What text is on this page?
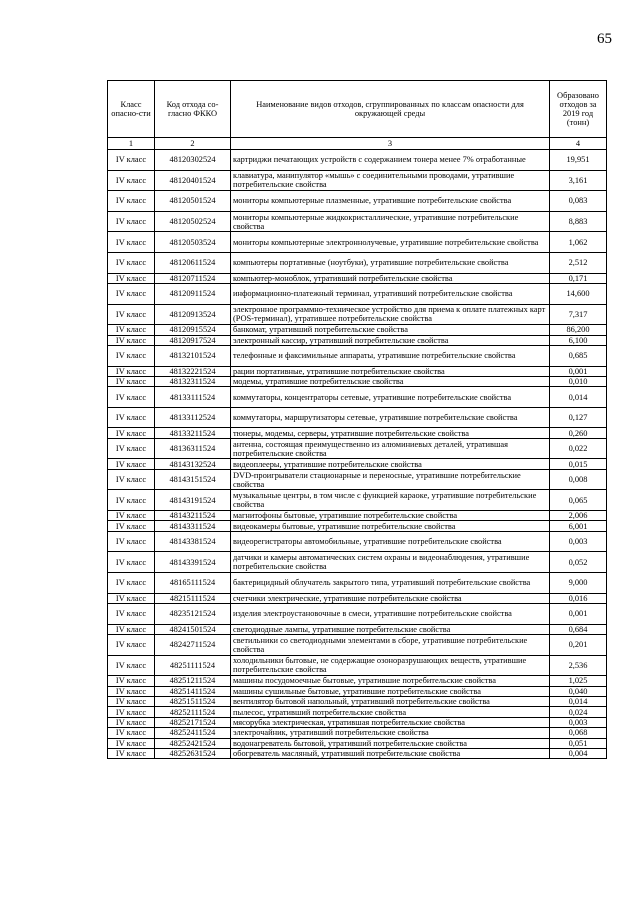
65
Класс опасно-сти	Код отхода со-гласно ФККО	Наименование видов отходов, сгруппированных по классам опасности для окружающей среды	Образовано отходов за 2019 год (тонн)
1	2	3	4
IV класс	48120302524	картриджи печатающих устройств с содержанием тонера менее 7% отработанные	19,951
IV класс	48120401524	клавиатура, манипулятор «мышь» с соединительными проводами, утратившие потребительские свойства	3,161
IV класс	48120501524	мониторы компьютерные плазменные, утратившие потребительские свойства	0,083
IV класс	48120502524	мониторы компьютерные жидкокристаллические, утратившие потребительские свойства	8,883
IV класс	48120503524	мониторы компьютерные электроннолучевые, утратившие потребительские свойства	1,062
IV класс	48120611524	компьютеры портативные (ноутбуки), утратившие потребительские свойства	2,512
IV класс	48120711524	компьютер-моноблок, утративший потребительские свойства	0,171
IV класс	48120911524	информационно-платежный терминал, утративший потребительские свойства	14,600
IV класс	48120913524	электронное программно-техническое устройство для приема к оплате платежных карт (POS-терминал), утратившее потребительские свойства	7,317
IV класс	48120915524	банкомат, утративший потребительские свойства	86,200
IV класс	48120917524	электронный кассир, утративший потребительские свойства	6,100
IV класс	48132101524	телефонные и факсимильные аппараты, утратившие потребительские свойства	0,685
IV класс	48132221524	рации портативные, утратившие потребительские свойства	0,001
IV класс	48132311524	модемы, утратившие потребительские свойства	0,010
IV класс	48133111524	коммутаторы, концентраторы сетевые, утратившие потребительские свойства	0,014
IV класс	48133112524	коммутаторы, маршрутизаторы сетевые, утратившие потребительские свойства	0,127
IV класс	48133211524	тюнеры, модемы, серверы, утратившие потребительские свойства	0,260
IV класс	48136311524	антенна, состоящая преимущественно из алюминиевых деталей, утратившая потребительские свойства	0,022
IV класс	48143132524	видеоплееры, утратившие потребительские свойства	0,015
IV класс	48143151524	DVD-проигрыватели стационарные и переносные, утратившие потребительские свойства	0,008
IV класс	48143191524	музыкальные центры, в том числе с функцией караоке, утратившие потребительские свойства	0,065
IV класс	48143211524	магнитофоны бытовые, утратившие потребительские свойства	2,006
IV класс	48143311524	видеокамеры бытовые, утратившие потребительские свойства	6,001
IV класс	48143381524	видеорегистраторы автомобильные, утратившие потребительские свойства	0,003
IV класс	48143391524	датчики и камеры автоматических систем охраны и видеонаблюдения, утратившие потребительские свойства	0,052
IV класс	48165111524	бактерицидный облучатель закрытого типа, утративший потребительские свойства	9,000
IV класс	48215111524	счетчики электрические, утратившие потребительские свойства	0,016
IV класс	48235121524	изделия электроустановочные в смеси, утратившие потребительские свойства	0,001
IV класс	48241501524	светодиодные лампы, утратившие потребительские свойства	0,684
IV класс	48242711524	светильники со светодиодными элементами в сборе, утратившие потребительские свойства	0,201
IV класс	48251111524	холодильники бытовые, не содержащие озоноразрушающих веществ, утратившие потребительские свойства	2,536
IV класс	48251211524	машины посудомоечные бытовые, утратившие потребительские свойства	1,025
IV класс	48251411524	машины сушильные бытовые, утратившие потребительские свойства	0,040
IV класс	48251511524	вентилятор бытовой напольный, утративший потребительские свойства	0,014
IV класс	48252111524	пылесос, утративший потребительские свойства	0,024
IV класс	48252171524	мясорубка электрическая, утратившая потребительские свойства	0,003
IV класс	48252411524	электрочайник, утративший потребительские свойства	0,068
IV класс	48252421524	водонагреватель бытовой, утративший потребительские свойства	0,051
IV класс	48252631524	обогреватель масляный, утративший потребительские свойства	0,004
